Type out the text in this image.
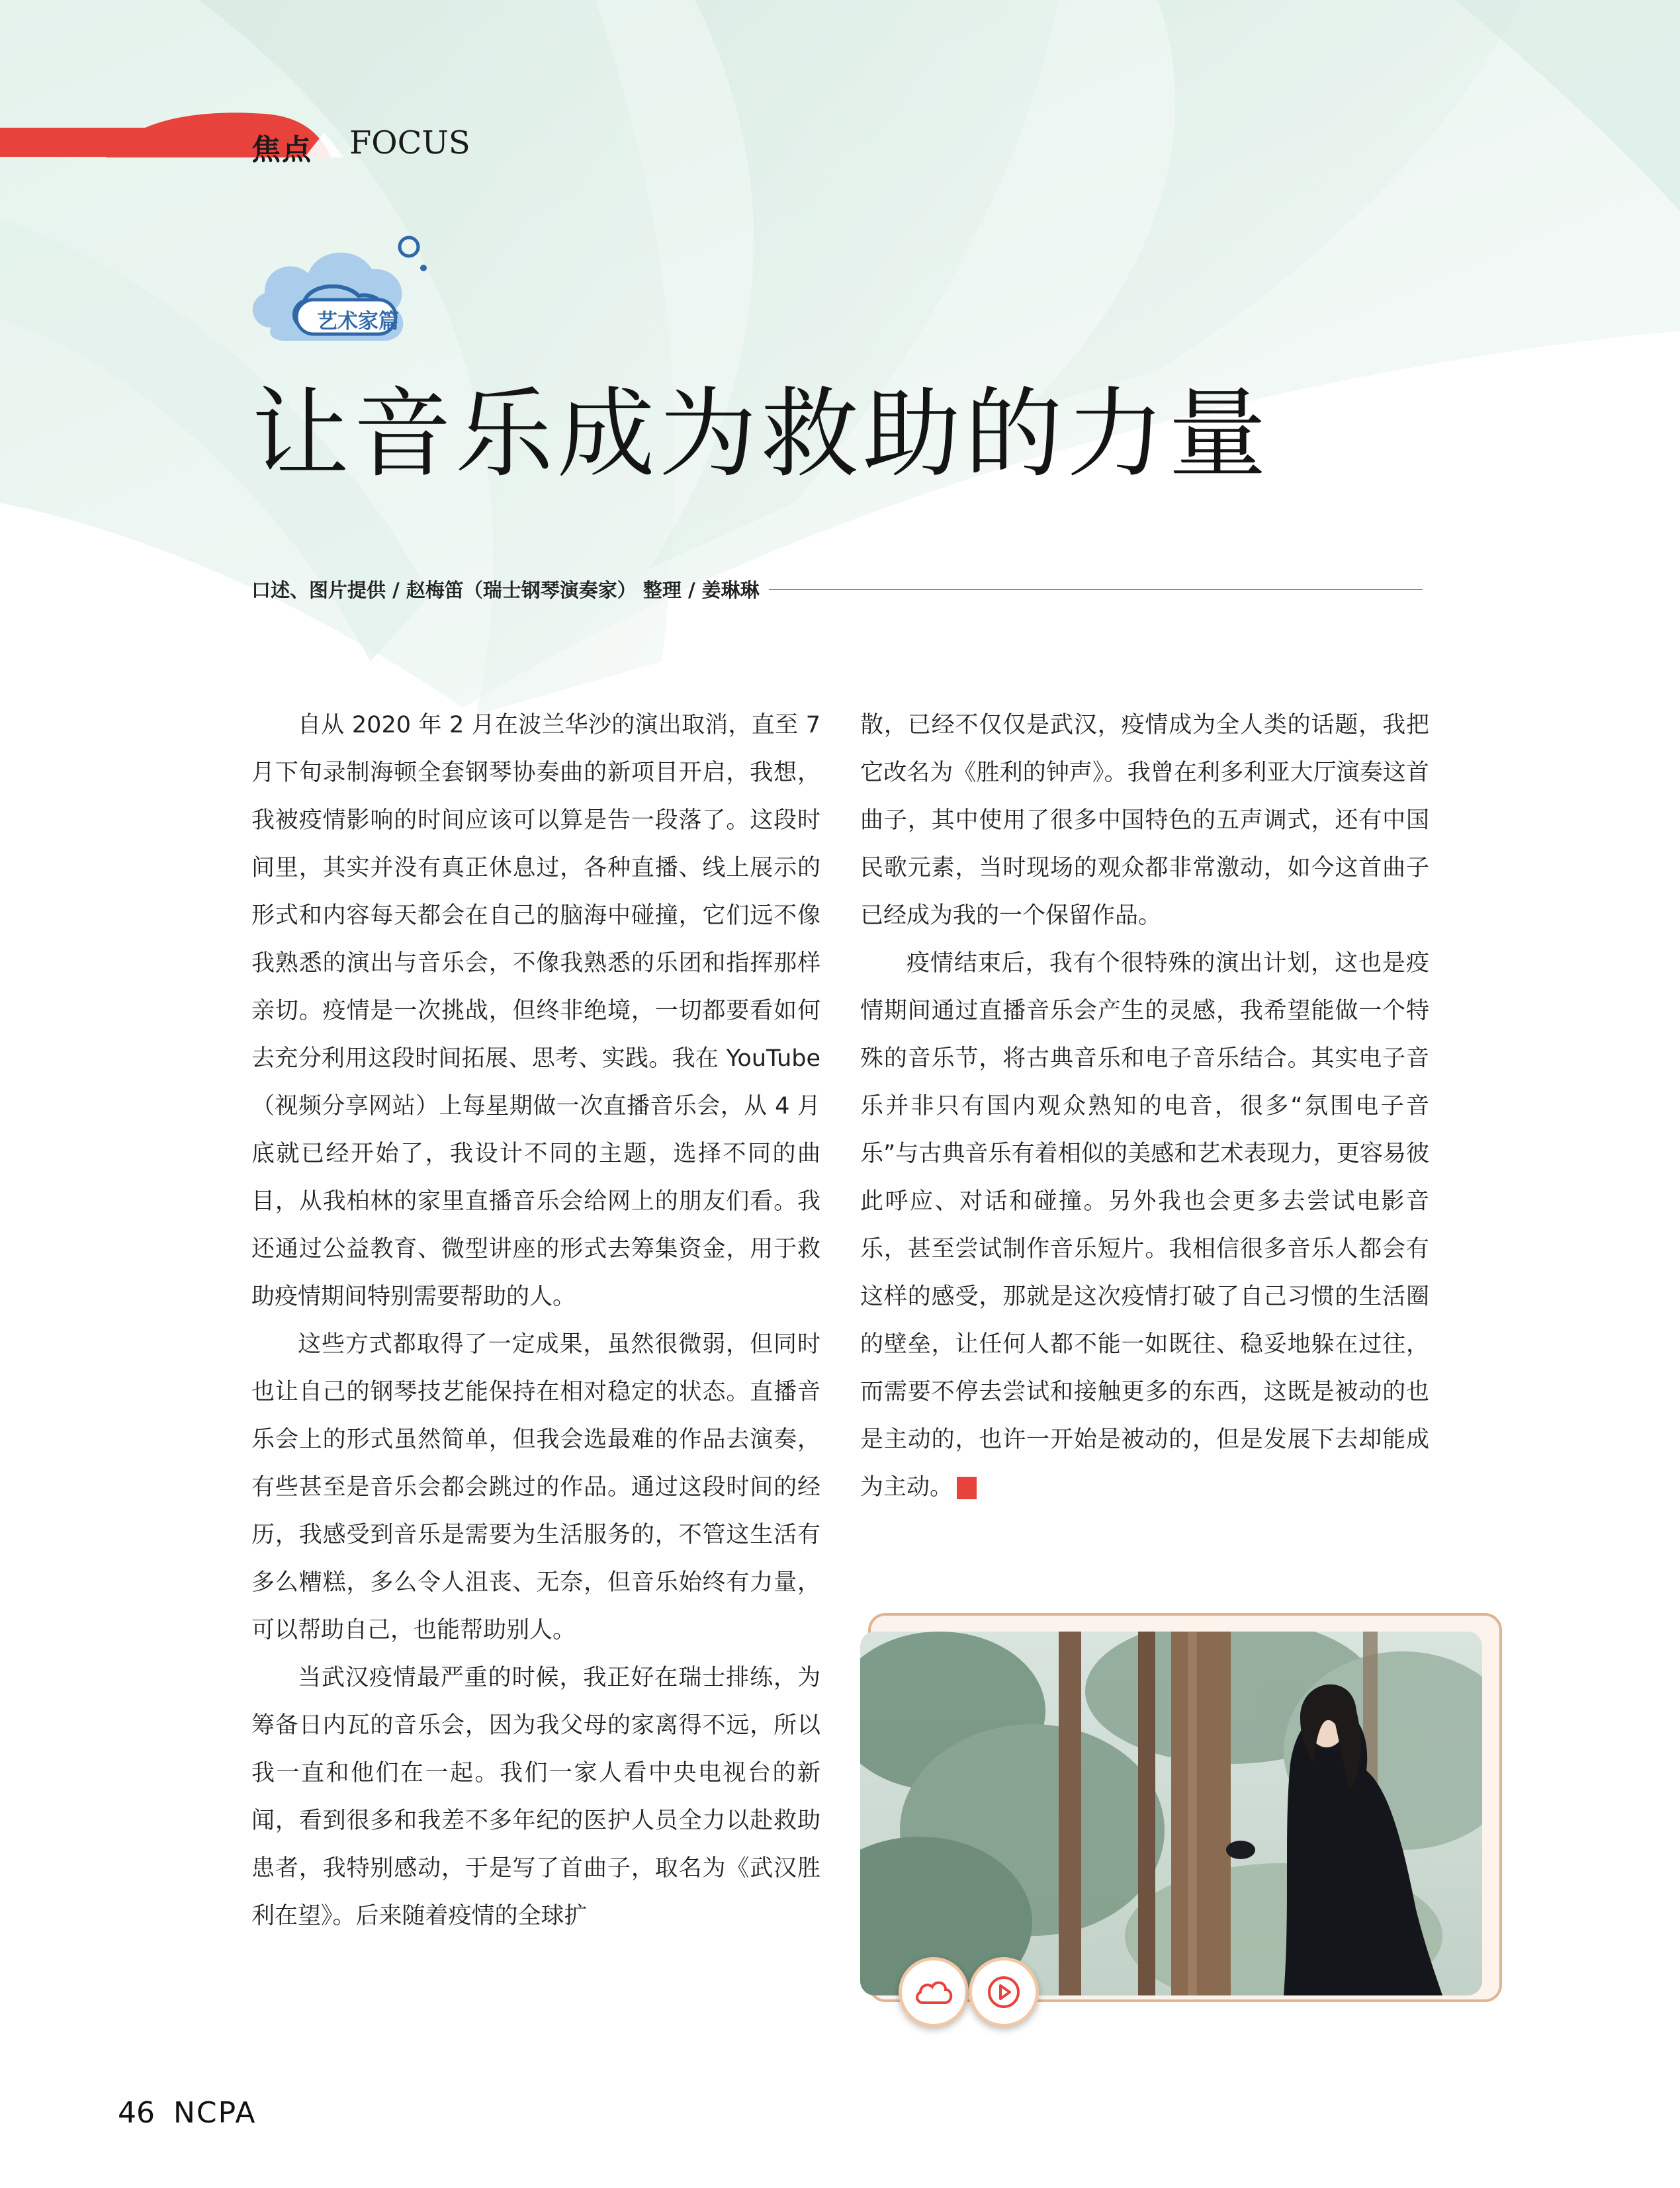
焦点 FOCUS
艺术家篇
让音乐成为救助的力量
口述、图片提供 / 赵梅笛（瑞士钢琴演奏家） 整理 / 姜琳琳

自从 2020 年 2 月在波兰华沙的演出取消，直至 7 月下旬录制海顿全套钢琴协奏曲的新项目开启，我想，我被疫情影响的时间应该可以算是告一段落了。这段时间里，其实并没有真正休息过，各种直播、线上展示的形式和内容每天都会在自己的脑海中碰撞，它们远不像我熟悉的演出与音乐会，不像我熟悉的乐团和指挥那样亲切。疫情是一次挑战，但终非绝境，一切都要看如何去充分利用这段时间拓展、思考、实践。我在 YouTube（视频分享网站）上每星期做一次直播音乐会，从 4 月底就已经开始了，我设计不同的主题，选择不同的曲目，从我柏林的家里直播音乐会给网上的朋友们看。我还通过公益教育、微型讲座的形式去筹集资金，用于救助疫情期间特别需要帮助的人。

这些方式都取得了一定成果，虽然很微弱，但同时也让自己的钢琴技艺能保持在相对稳定的状态。直播音乐会上的形式虽然简单，但我会选最难的作品去演奏，有些甚至是音乐会都会跳过的作品。通过这段时间的经历，我感受到音乐是需要为生活服务的，不管这生活有多么糟糕，多么令人沮丧、无奈，但音乐始终有力量，可以帮助自己，也能帮助别人。

当武汉疫情最严重的时候，我正好在瑞士排练，为筹备日内瓦的音乐会，因为我父母的家离得不远，所以我一直和他们在一起。我们一家人看中央电视台的新闻，看到很多和我差不多年纪的医护人员全力以赴救助患者，我特别感动，于是写了首曲子，取名为《武汉胜利在望》。后来随着疫情的全球扩

散，已经不仅仅是武汉，疫情成为全人类的话题，我把它改名为《胜利的钟声》。我曾在利多利亚大厅演奏这首曲子，其中使用了很多中国特色的五声调式，还有中国民歌元素，当时现场的观众都非常激动，如今这首曲子已经成为我的一个保留作品。

疫情结束后，我有个很特殊的演出计划，这也是疫情期间通过直播音乐会产生的灵感，我希望能做一个特殊的音乐节，将古典音乐和电子音乐结合。其实电子音乐并非只有国内观众熟知的电音，很多“氛围电子音乐”与古典音乐有着相似的美感和艺术表现力，更容易彼此呼应、对话和碰撞。另外我也会更多去尝试电影音乐，甚至尝试制作音乐短片。我相信很多音乐人都会有这样的感受，那就是这次疫情打破了自己习惯的生活圈的壁垒，让任何人都不能一如既往、稳妥地躲在过往，而需要不停去尝试和接触更多的东西，这既是被动的也是主动的，也许一开始是被动的，但是发展下去却能成为主动。	NCPA

46 NCPA
